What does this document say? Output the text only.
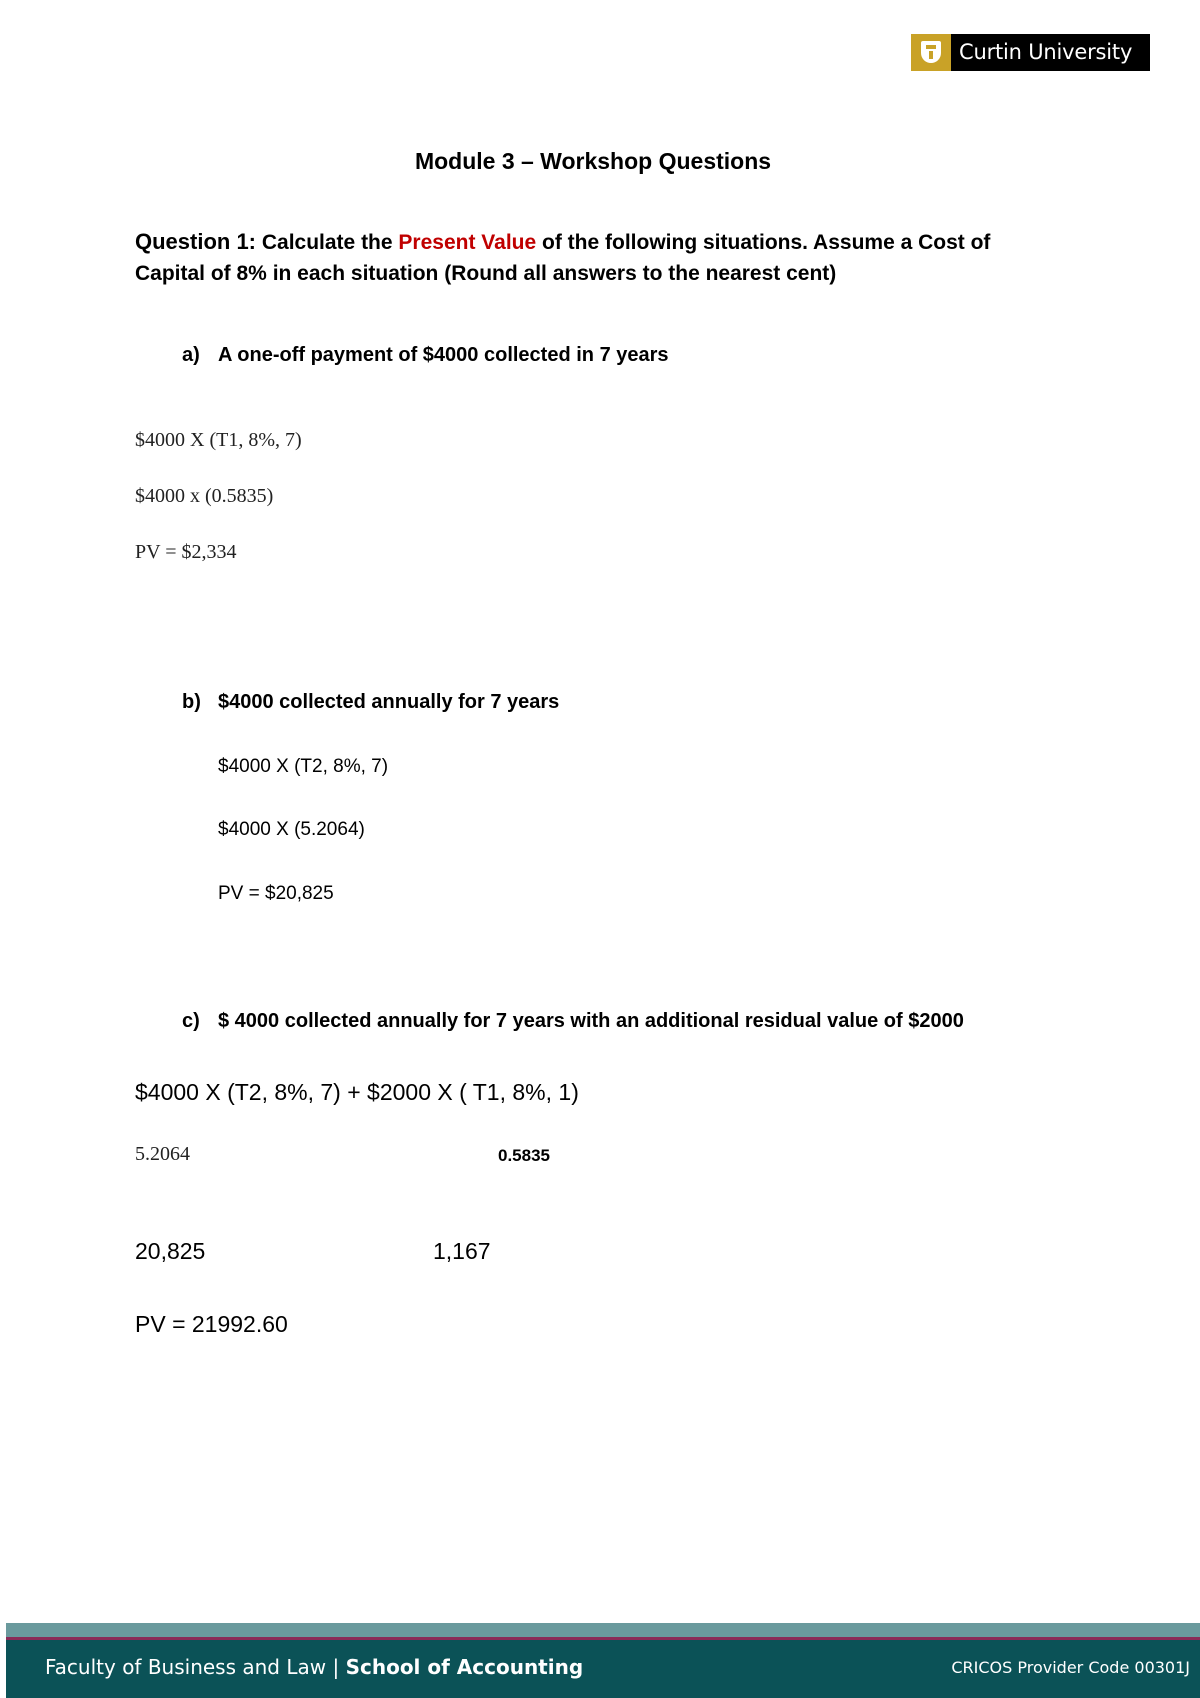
Curtin University
Module 3 – Workshop Questions
Question 1: Calculate the Present Value of the following situations. Assume a Cost of Capital of 8% in each situation (Round all answers to the nearest cent)
a) A one-off payment of $4000 collected in 7 years
$4000 X (T1, 8%, 7)
$4000 x (0.5835)
PV = $2,334
b) $4000 collected annually for 7 years
$4000 X (T2, 8%, 7)
$4000 X (5.2064)
PV = $20,825
c) $ 4000 collected annually for 7 years with an additional residual value of $2000
$4000 X (T2, 8%, 7) + $2000 X ( T1, 8%, 1)
5.2064	0.5835
20,825	1,167
PV = 21992.60
Faculty of Business and Law | School of Accounting	CRICOS Provider Code 00301J
